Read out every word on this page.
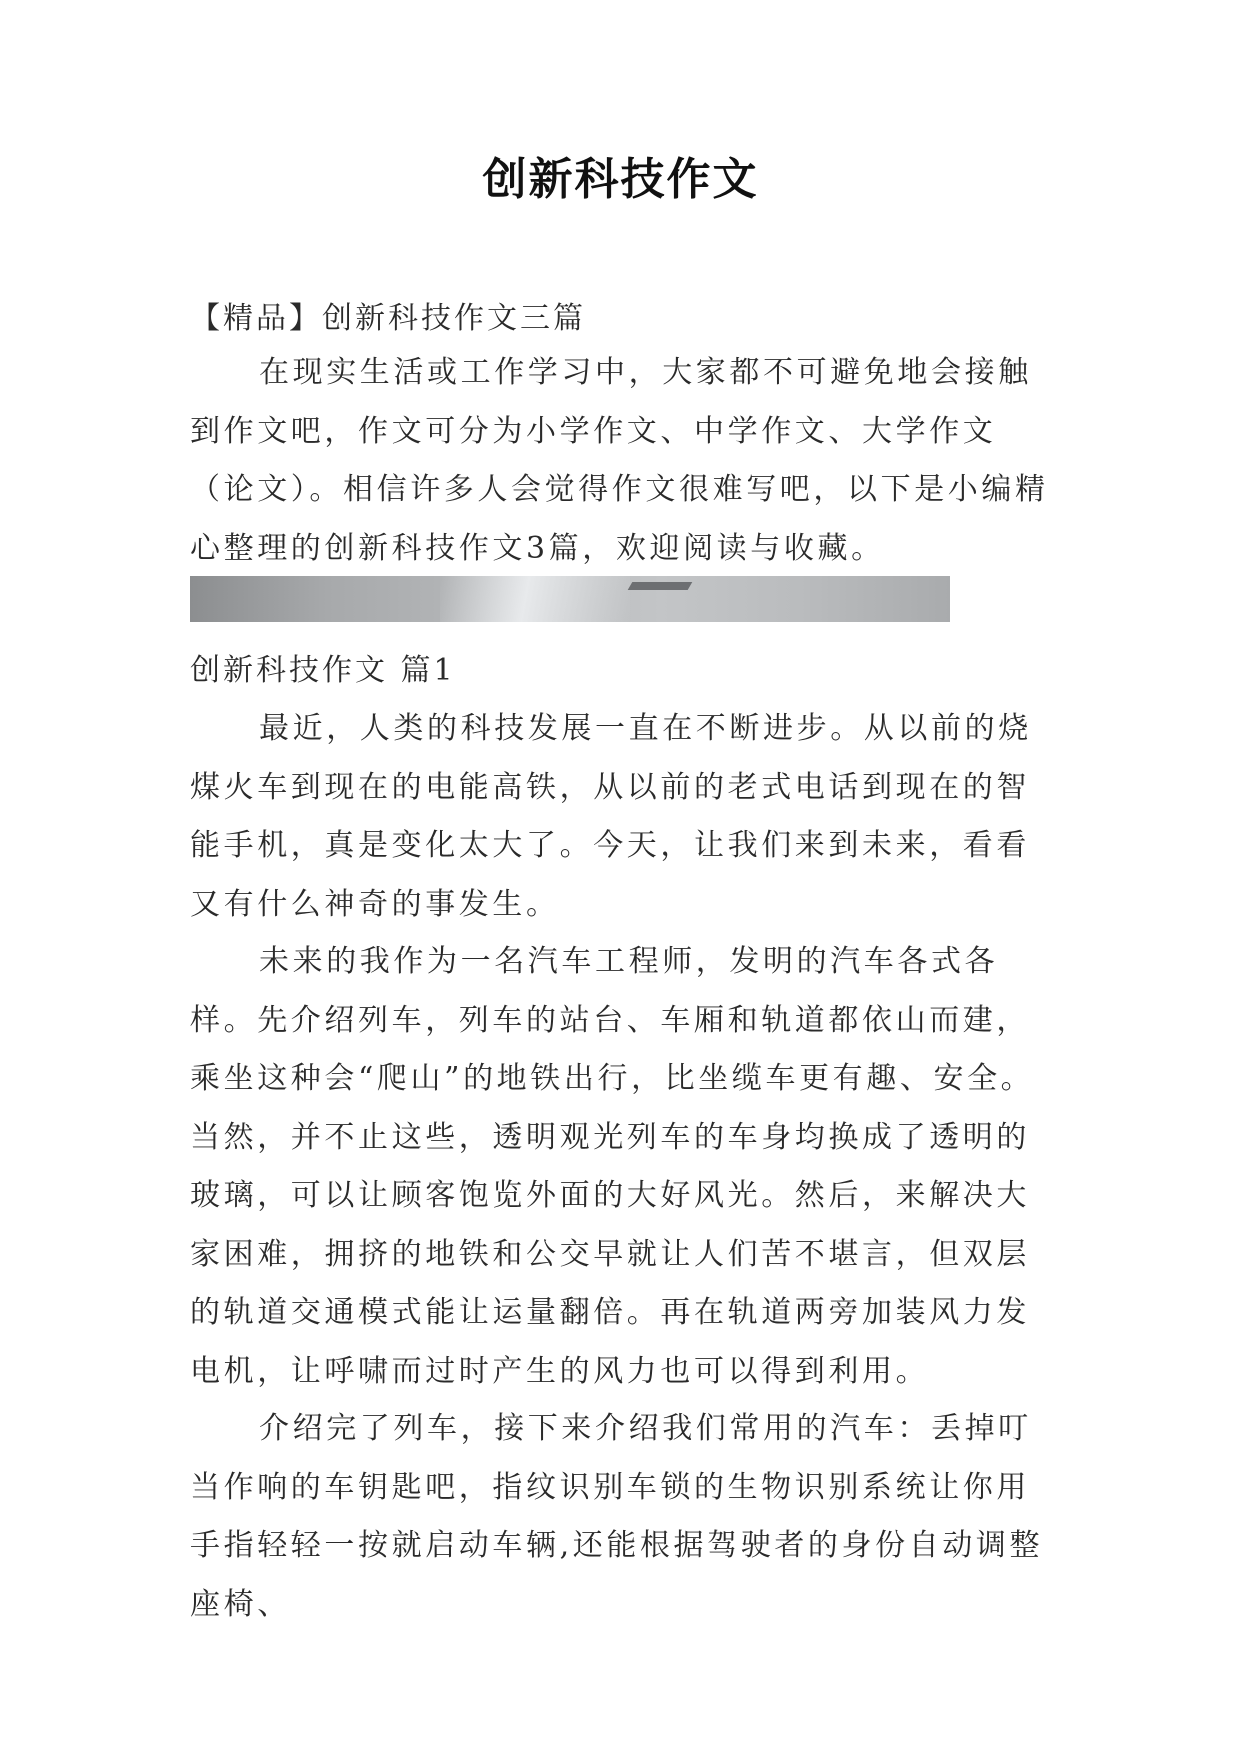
创新科技作文

【精品】创新科技作文三篇

在现实生活或工作学习中，大家都不可避免地会接触到作文吧，作文可分为小学作文、中学作文、大学作文（论文）。相信许多人会觉得作文很难写吧，以下是小编精心整理的创新科技作文3篇，欢迎阅读与收藏。

创新科技作文 篇1

最近，人类的科技发展一直在不断进步。从以前的烧煤火车到现在的电能高铁，从以前的老式电话到现在的智能手机，真是变化太大了。今天，让我们来到未来，看看又有什么神奇的事发生。

未来的我作为一名汽车工程师，发明的汽车各式各样。先介绍列车，列车的站台、车厢和轨道都依山而建，乘坐这种会“爬山”的地铁出行，比坐缆车更有趣、安全。当然，并不止这些，透明观光列车的车身均换成了透明的玻璃，可以让顾客饱览外面的大好风光。然后，来解决大家困难，拥挤的地铁和公交早就让人们苦不堪言，但双层的轨道交通模式能让运量翻倍。再在轨道两旁加装风力发电机，让呼啸而过时产生的风力也可以得到利用。

介绍完了列车，接下来介绍我们常用的汽车：丢掉叮当作响的车钥匙吧，指纹识别车锁的生物识别系统让你用手指轻轻一按就启动车辆,还能根据驾驶者的身份自动调整座椅、
